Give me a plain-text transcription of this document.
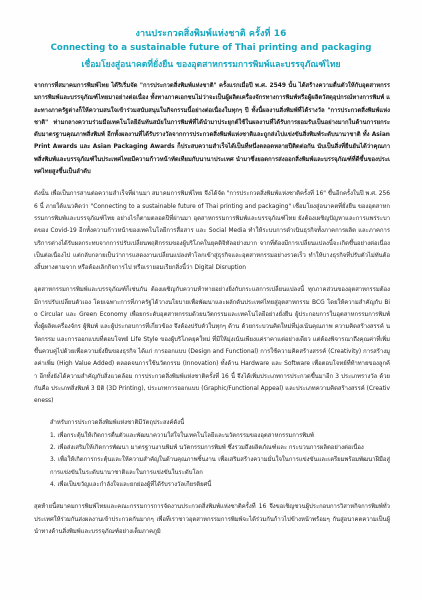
งานประกวดสิ่งพิมพ์แห่งชาติ ครั้งที่ 16
Connecting to a sustainable future of Thai printing and packaging
เชื่อมโยงสู่อนาคตที่ยั่งยืน ของอุตสาหกรรมการพิมพ์และบรรจุภัณฑ์ไทย

จากการที่สมาคมการพิมพ์ไทย ได้ริเริ่มจัด "การประกวดสิ่งพิมพ์แห่งชาติ" ครั้งแรกเมื่อปี พ.ศ. 2549 นั้น ได้สร้างความตื่นตัวให้กับอุตสาหกรรมการพิมพ์และบรรจุภัณฑ์ไทยมาอย่างต่อเนื่อง ทั้งทางภาคเอกชนไม่ว่าจะเป็นผู้ผลิตเครื่องจักรทางการพิมพ์หรือผู้ผลิตวัสดุอุปกรณ์ทางการพิมพ์ และทางภาครัฐต่างก็ให้ความสนใจเข้าร่วมสนับสนุนในกิจกรรมนี้อย่างต่อเนื่องในทุกๆ ปี ทั้งนี้ผลงานสิ่งพิมพ์ที่ได้รางวัล "การประกวดสิ่งพิมพ์แห่งชาติ" ท่ามกลางความร่วมมือเทคโนโลยีอันทันสมัยในการพิมพ์ที่ได้นำมาประยุกต์ใช้ในผลงานที่ได้รับการยอมรับเป็นอย่างมากในด้านการยกระดับมาตรฐานคุณภาพสิ่งพิมพ์ อีกทั้งผลงานที่ได้รับรางวัลจากการประกวดสิ่งพิมพ์แห่งชาติและถูกส่งไปแข่งขันสิ่งพิมพ์ระดับนานาชาติ ทั้ง Asian Print Awards และ Asian Packaging Awards ก็ประสบความสำเร็จได้เป็นที่หนึ่งตลอดหลายปีติดต่อกัน นับเป็นสิ่งที่ยืนยันได้ว่าคุณภาพสิ่งพิมพ์และบรรจุภัณฑ์ในประเทศไทยมีความก้าวหน้าทัดเทียมกับนานาประเทศ นำมาซึ่งยอดการส่งออกสิ่งพิมพ์และบรรจุภัณฑ์ที่ดีขึ้นของประเทศไทยสูงขึ้นเป็นลำดับ

ดังนั้น เพื่อเป็นการสานต่อความสำเร็จที่ผ่านมา สมาคมการพิมพ์ไทย จึงได้จัด "การประกวดสิ่งพิมพ์แห่งชาติครั้งที่ 16" ขึ้นอีกครั้งในปี พ.ศ. 2566 นี้ ภายใต้แนวคิดว่า "Connecting to a sustainable future of Thai printing and packaging" เชื่อมโยงสู่อนาคตที่ยั่งยืน ของอุตสาหกรรมการพิมพ์และบรรจุภัณฑ์ไทย อย่างไรก็ตามตลอดปีที่ผ่านมา อุตสาหกรรมการพิมพ์และบรรจุภัณฑ์ไทย ยังต้องเผชิญปัญหาและการแพร่ระบาดของ Covid-19 อีกทั้งความก้าวหน้าของเทคโนโลยีการสื่อสาร และ Social Media ทำให้ระบบการดำเนินธุรกิจทั้งภาคการผลิต และภาคการบริการต่างได้รับผลกระทบจากการปรับเปลี่ยนพฤติกรรมของผู้บริโภคในยุคดิจิทัลอย่างมาก จากที่ต้องมีการเปลี่ยนแปลงนี้จะเกิดขึ้นอย่างต่อเนื่องเป็นต่อเนื่องไป แต่กลับกลายเป็นว่าการแสดงงานเปลี่ยนแปลงทำโลกเข้าสู่ธุรกิจและอุตสาหกรรมอย่างรวดเร็ว ทำให้บางธุรกิจที่ปรับตัวไม่ทันต้องสิ้นทางตามจาก หรือต้องเลิกกิจการไป หรือเรายอมเรียกสิ่งนี้ว่า Digital Disruption

อุตสาหกรรมการพิมพ์และบรรจุภัณฑ์ก็เช่นกัน ต้องเผชิญกับความท้าทายอย่างยิ่งกับกระแสการเปลี่ยนแปลงนี้ ทุกภาคส่วนของอุตสาหกรรมต้องมีการปรับเปลี่ยนตัวเอง โดยเฉพาะการที่ภาครัฐได้วางนโยบายเพื่อพัฒนาและผลักดันประเทศไทยสู่อุตสาหกรรม BCG โดยให้ความสำคัญกับ Bio Circular และ Green Economy เพื่อยกระดับอุตสาหกรรมด้วยนวัตกรรมและเทคโนโลยีอย่างยั่งยืน ผู้ประกอบการในอุตสาหกรรมการพิมพ์ ทั้งผู้ผลิตเครื่องจักร ผู้พิมพ์ และผู้ประกอบการที่เกี่ยวข้อง จึงต้องปรับตัวในทุกๆ ด้าน ด้วยกระบวนคิดใหม่ที่มุ่งเน้นคุณภาพ ความคิดสร้างสรรค์ นวัตกรรม และการออกแบบที่ตอบโจทย์ Life Style ของผู้บริโภคยุคใหม่ ที่มีให้มุ่งเน้นเพียงแค่ราคาแต่อย่างเดียว แต่ต้องพิจารณาถึงคุณค่าที่เพิ่มขึ้นควบคู่ไปด้วยเพื่อความยั่งยืนของธุรกิจ ได้แก่ การออกแบบ (Design and Functional) การใช้ความคิดสร้างสรรค์ (Creativity) การสร้างมูลค่าเพิ่ม (High Value Added) ตลอดจนการใช้นวัตกรรม (Innovation) ทั้งด้าน Hardware และ Software เพื่อตอบโจทย์ที่ท้าทายของลูกค้า อีกทั้งยังได้ความสำคัญกับสิ่งแวดล้อม การประกวดสิ่งพิมพ์แห่งชาติครั้งที่ 16 นี้ จึงได้เพิ่มประเภทการประกวดขึ้นมาอีก 3 ประเภทรางวัล ด้วยกันคือ ประเภทสิ่งพิมพ์ 3 มิติ (3D Printing), ประเภทการออกแบบ (Graphic/Functional Appeal) และประเภทความคิดสร้างสรรค์ (Creativeness)

สำหรับการประกวดสิ่งพิมพ์แห่งชาติมีวัตถุประสงค์ดังนี้

1. เพื่อกระตุ้นให้เกิดการตื่นตัวและพัฒนาความใส่ใจในเทคโนโลยีและนวัตกรรมของอุตสาหกรรมการพิมพ์
2. เพื่อส่งเสริมให้เกิดการพัฒนา มาตรฐานงานพิมพ์ นวัตกรรมการพิมพ์ ซึ่งรวมถึงผลิตภัณฑ์และ กระบวนการผลิตอย่างต่อเนื่อง
3. เพื่อให้เกิดการกระตุ้นและให้ความสำคัญในด้านคุณภาพชิ้นงาน เพื่อเสริมสร้างความมั่นใจในการแข่งขันและเตรียมพร้อมพัฒนาฝีมือสู่การแข่งขันในระดับนานาชาติและในการแข่งขันในระดับโลก
4. เพื่อเป็นขวัญและกำลังใจและยกย่องผู้ที่ได้รับรางวัลเกียรติยศนี้

สุดท้ายนี้สมาคมการพิมพ์ไทยและคณะกรรมการการจัดงานประกวดสิ่งพิมพ์แห่งชาติครั้งที่ 16 จึงขอเชิญชวนผู้ประกอบการวิสาหกิจการพิมพ์ทั่วประเทศให้ร่วมกันส่งผลงานเข้าประกวดกันมากๆ เพื่อที่เราชาวอุตสาหกรรมการพิมพ์จะได้ร่วมกันก้าวไปข้างหน้าพร้อมๆ กันสู่อนาคตความเป็นผู้นำทางด้านสิ่งพิมพ์และบรรจุภัณฑ์อย่างเต็มภาคภูมิ
